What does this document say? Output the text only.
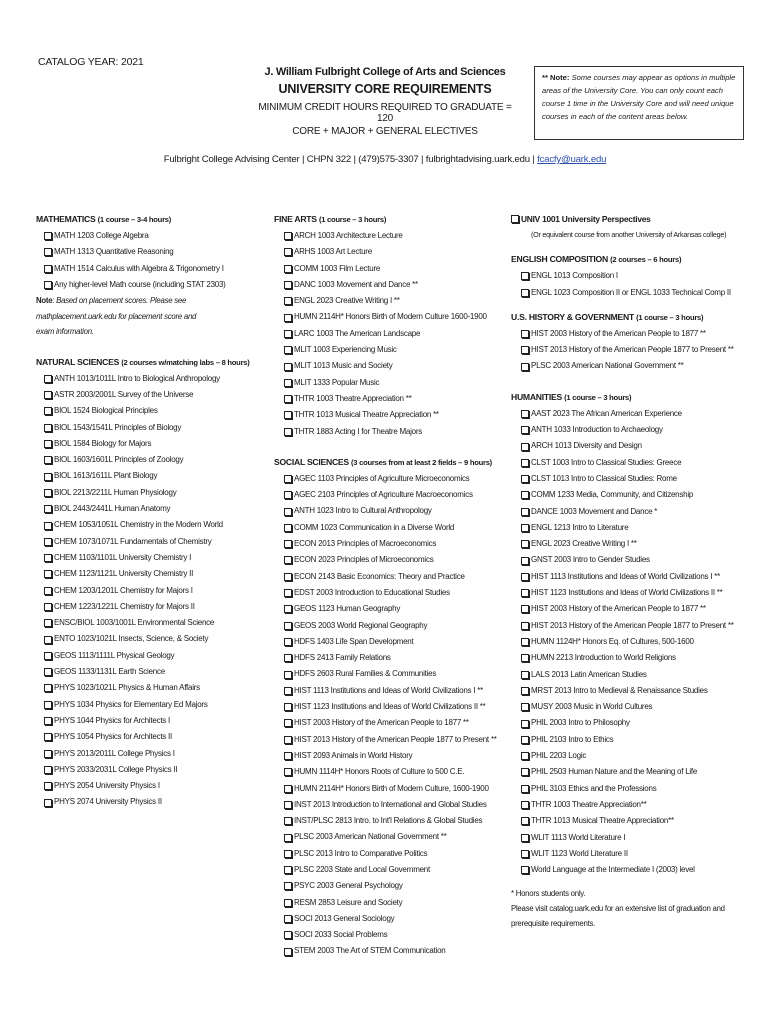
CATALOG YEAR: 2021
J. William Fulbright College of Arts and Sciences
UNIVERSITY CORE REQUIREMENTS
MINIMUM CREDIT HOURS REQUIRED TO GRADUATE = 120
CORE + MAJOR + GENERAL ELECTIVES
** Note: Some courses may appear as options in multiple areas of the University Core. You can only count each course 1 time in the University Core and will need unique courses in each of the content areas below.
Fulbright College Advising Center | CHPN 322 | (479)575-3307 | fulbrightadvising.uark.edu | fcacfy@uark.edu
MATHEMATICS (1 course – 3-4 hours)
MATH 1203 College Algebra
MATH 1313 Quantitative Reasoning
MATH 1514 Calculus with Algebra & Trigonometry I
Any higher-level Math course (including STAT 2303)
Note: Based on placement scores. Please see
mathplacement.uark.edu for placement score and
exam information.
NATURAL SCIENCES (2 courses w/matching labs – 8 hours)
ANTH 1013/1011L Intro to Biological Anthropology
ASTR 2003/2001L Survey of the Universe
BIOL 1524 Biological Principles
BIOL 1543/1541L Principles of Biology
BIOL 1584 Biology for Majors
BIOL 1603/1601L Principles of Zoology
BIOL 1613/1611L Plant Biology
BIOL 2213/2211L Human Physiology
BIOL 2443/2441L Human Anatomy
CHEM 1053/1051L Chemistry in the Modern World
CHEM 1073/1071L Fundamentals of Chemistry
CHEM 1103/1101L University Chemistry I
CHEM 1123/1121L University Chemistry II
CHEM 1203/1201L Chemistry for Majors I
CHEM 1223/1221L Chemistry for Majors II
ENSC/BIOL 1003/1001L Environmental Science
ENTO 1023/1021L Insects, Science, & Society
GEOS 1113/1111L Physical Geology
GEOS 1133/1131L Earth Science
PHYS 1023/1021L Physics & Human Affairs
PHYS 1034 Physics for Elementary Ed Majors
PHYS 1044 Physics for Architects I
PHYS 1054 Physics for Architects II
PHYS 2013/2011L College Physics I
PHYS 2033/2031L College Physics II
PHYS 2054 University Physics I
PHYS 2074 University Physics II
FINE ARTS (1 course – 3 hours)
ARCH 1003 Architecture Lecture
ARHS 1003 Art Lecture
COMM 1003 Film Lecture
DANC 1003 Movement and Dance **
ENGL 2023 Creative Writing I **
HUMN 2114H* Honors Birth of Modern Culture 1600-1900
LARC 1003 The American Landscape
MLIT 1003 Experiencing Music
MLIT 1013 Music and Society
MLIT 1333 Popular Music
THTR 1003 Theatre Appreciation **
THTR 1013 Musical Theatre Appreciation **
THTR 1883 Acting I for Theatre Majors
SOCIAL SCIENCES (3 courses from at least 2 fields – 9 hours)
AGEC 1103 Principles of Agriculture Microeconomics
AGEC 2103 Principles of Agriculture Macroeconomics
ANTH 1023 Intro to Cultural Anthropology
COMM 1023 Communication in a Diverse World
ECON 2013 Principles of Macroeconomics
ECON 2023 Principles of Microeconomics
ECON 2143 Basic Economics: Theory and Practice
EDST 2003 Introduction to Educational Studies
GEOS 1123 Human Geography
GEOS 2003 World Regional Geography
HDFS 1403 Life Span Development
HDFS 2413 Family Relations
HDFS 2603 Rural Families & Communities
HIST 1113 Institutions and Ideas of World Civilizations I **
HIST 1123 Institutions and Ideas of World Civilizations II **
HIST 2003 History of the American People to 1877 **
HIST 2013 History of the American People 1877 to Present **
HIST 2093 Animals in World History
HUMN 1114H* Honors Roots of Culture to 500 C.E.
HUMN 2114H* Honors Birth of Modern Culture, 1600-1900
INST 2013 Introduction to International and Global Studies
INST/PLSC 2813 Intro. to Int'l Relations & Global Studies
PLSC 2003 American National Government **
PLSC 2013 Intro to Comparative Politics
PLSC 2203 State and Local Government
PSYC 2003 General Psychology
RESM 2853 Leisure and Society
SOCI 2013 General Sociology
SOCI 2033 Social Problems
STEM 2003 The Art of STEM Communication
UNIV 1001 University Perspectives
(Or equivalent course from another University of Arkansas college)
ENGLISH COMPOSITION (2 courses – 6 hours)
ENGL 1013 Composition I
ENGL 1023 Composition II or ENGL 1033 Technical Comp II
U.S. HISTORY & GOVERNMENT (1 course – 3 hours)
HIST 2003 History of the American People to 1877 **
HIST 2013 History of the American People 1877 to Present **
PLSC 2003 American National Government **
HUMANITIES (1 course – 3 hours)
AAST 2023 The African American Experience
ANTH 1033 Introduction to Archaeology
ARCH 1013 Diversity and Design
CLST 1003 Intro to Classical Studies: Greece
CLST 1013 Intro to Classical Studies: Rome
COMM 1233 Media, Community, and Citizenship
DANCE 1003 Movement and Dance *
ENGL 1213 Intro to Literature
ENGL 2023 Creative Writing I **
GNST 2003 Intro to Gender Studies
HIST 1113 Institutions and Ideas of World Civilizations I **
HIST 1123 Institutions and Ideas of World Civilizations II **
HIST 2003 History of the American People to 1877 **
HIST 2013 History of the American People 1877 to Present **
HUMN 1124H* Honors Eq. of Cultures, 500-1600
HUMN 2213 Introduction to World Religions
LALS 2013 Latin American Studies
MRST 2013 Intro to Medieval & Renaissance Studies
MUSY 2003 Music in World Cultures
PHIL 2003 Intro to Philosophy
PHIL 2103 Intro to Ethics
PHIL 2203 Logic
PHIL 2503 Human Nature and the Meaning of Life
PHIL 3103 Ethics and the Professions
THTR 1003 Theatre Appreciation**
THTR 1013 Musical Theatre Appreciation**
WLIT 1113 World Literature I
WLIT 1123 World Literature II
World Language at the Intermediate I (2003) level
* Honors students only.
Please visit catalog.uark.edu for an extensive list of graduation and
prerequisite requirements.
